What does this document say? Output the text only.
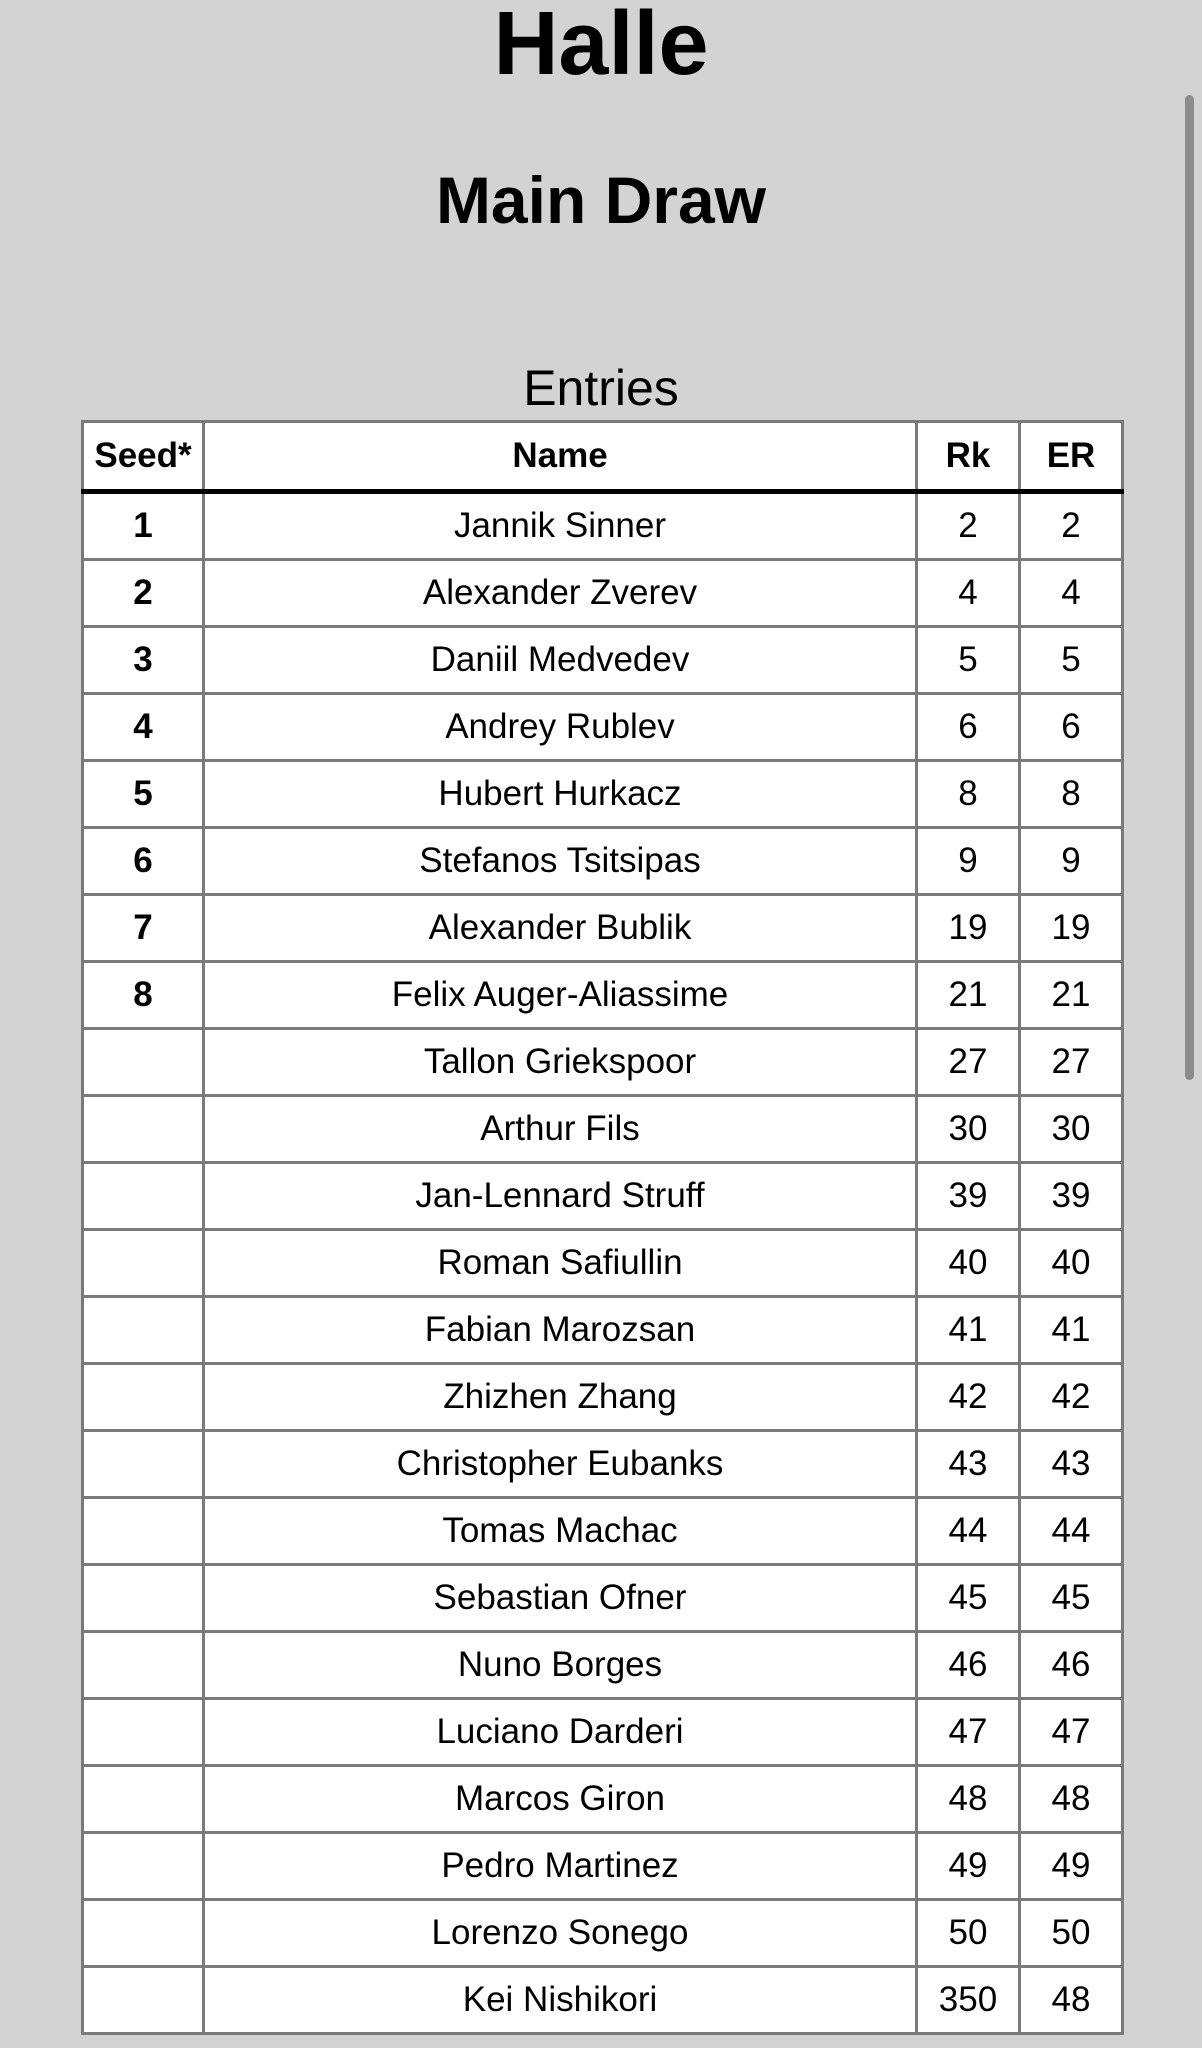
Halle
Main Draw
Entries
Seed*	Name	Rk	ER
1	Jannik Sinner	2	2
2	Alexander Zverev	4	4
3	Daniil Medvedev	5	5
4	Andrey Rublev	6	6
5	Hubert Hurkacz	8	8
6	Stefanos Tsitsipas	9	9
7	Alexander Bublik	19	19
8	Felix Auger-Aliassime	21	21
	Tallon Griekspoor	27	27
	Arthur Fils	30	30
	Jan-Lennard Struff	39	39
	Roman Safiullin	40	40
	Fabian Marozsan	41	41
	Zhizhen Zhang	42	42
	Christopher Eubanks	43	43
	Tomas Machac	44	44
	Sebastian Ofner	45	45
	Nuno Borges	46	46
	Luciano Darderi	47	47
	Marcos Giron	48	48
	Pedro Martinez	49	49
	Lorenzo Sonego	50	50
	Kei Nishikori	350	48
